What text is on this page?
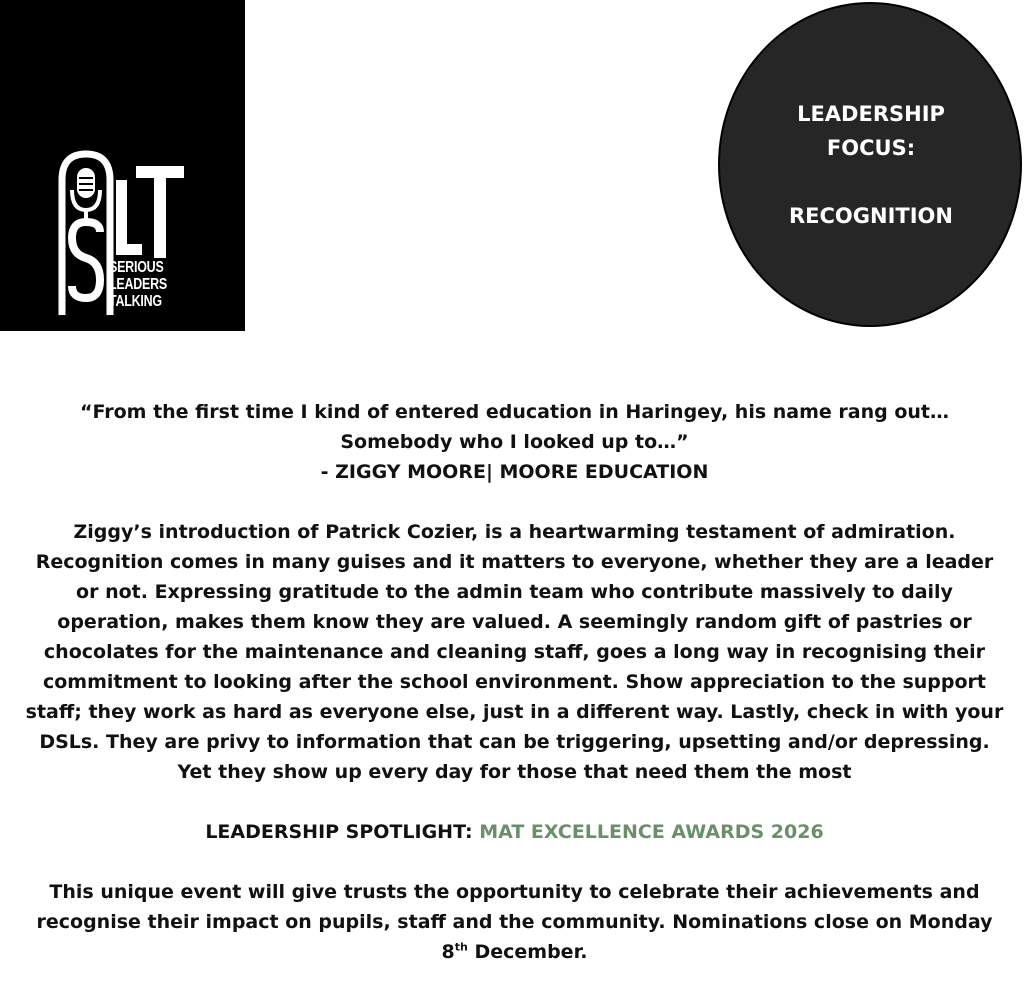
SERIOUS
LEADERS
TALKING
LEADERSHIP
FOCUS:
RECOGNITION

“From the first time I kind of entered education in Haringey, his name rang out…
Somebody who I looked up to…”
- ZIGGY MOORE| MOORE EDUCATION

Ziggy’s introduction of Patrick Cozier, is a heartwarming testament of admiration.
Recognition comes in many guises and it matters to everyone, whether they are a leader
or not. Expressing gratitude to the admin team who contribute massively to daily
operation, makes them know they are valued. A seemingly random gift of pastries or
chocolates for the maintenance and cleaning staff, goes a long way in recognising their
commitment to looking after the school environment. Show appreciation to the support
staff; they work as hard as everyone else, just in a different way. Lastly, check in with your
DSLs. They are privy to information that can be triggering, upsetting and/or depressing.
Yet they show up every day for those that need them the most

LEADERSHIP SPOTLIGHT: MAT EXCELLENCE AWARDS 2026

This unique event will give trusts the opportunity to celebrate their achievements and
recognise their impact on pupils, staff and the community. Nominations close on Monday
8th December.
